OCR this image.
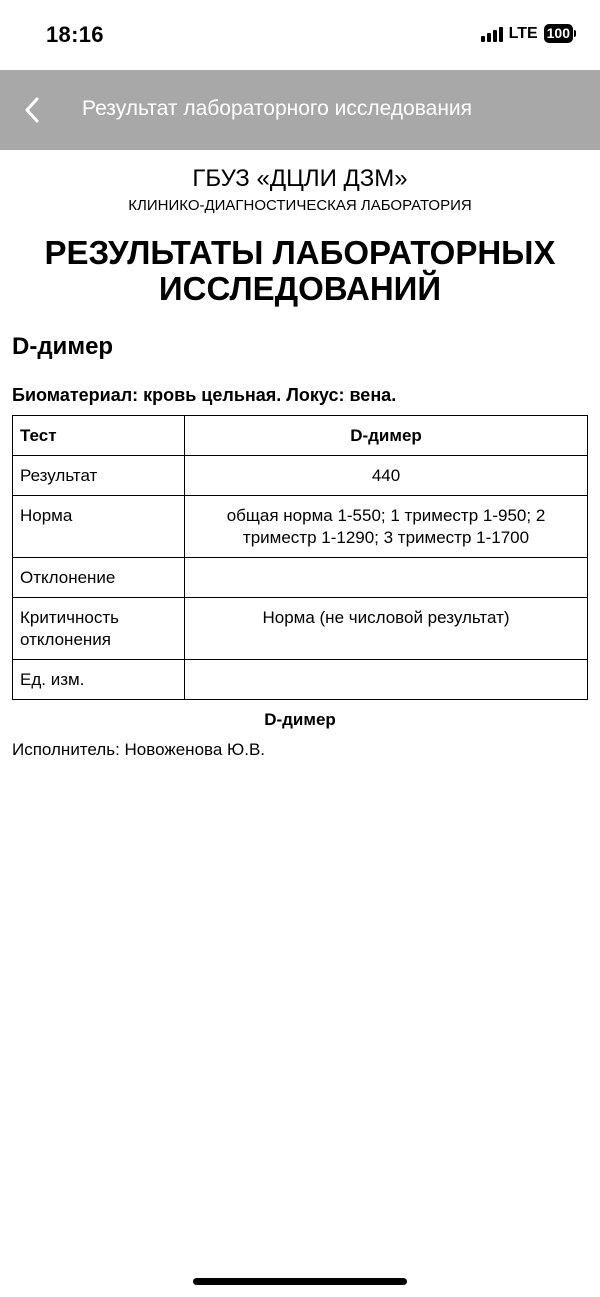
18:16	LTE 100
Результат лабораторного исследования
ГБУЗ «ДЦЛИ ДЗМ»
КЛИНИКО-ДИАГНОСТИЧЕСКАЯ ЛАБОРАТОРИЯ
РЕЗУЛЬТАТЫ ЛАБОРАТОРНЫХ ИССЛЕДОВАНИЙ
D-димер
Биоматериал: кровь цельная. Локус: вена.
Тест	D-димер
Результат	440
Норма	общая норма 1-550; 1 триместр 1-950; 2 триместр 1-1290; 3 триместр 1-1700
Отклонение	
Критичность отклонения	Норма (не числовой результат)
Ед. изм.	
D-димер
Исполнитель: Новоженова Ю.В.
